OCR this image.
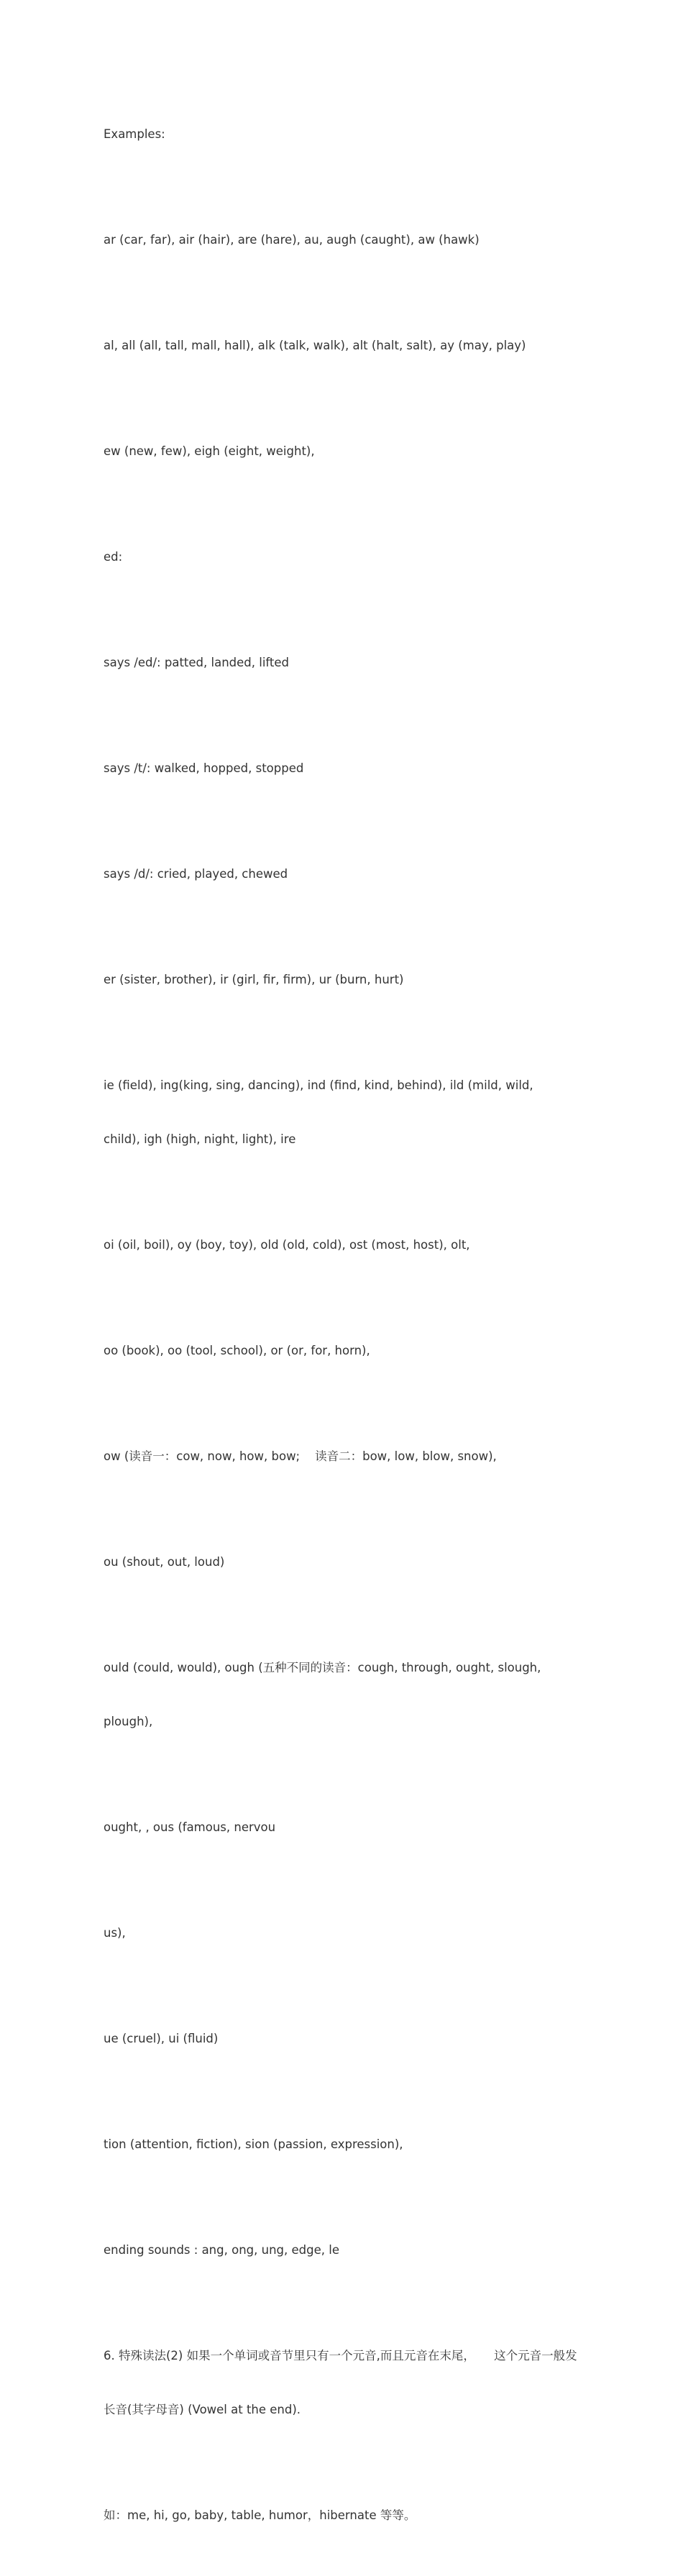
Examples:

ar (car, far), air (hair), are (hare), au, augh (caught), aw (hawk)

al, all (all, tall, mall, hall), alk (talk, walk), alt (halt, salt), ay (may, play)

ew (new, few), eigh (eight, weight),

ed:

says /ed/: patted, landed, lifted

says /t/: walked, hopped, stopped

says /d/: cried, played, chewed

er (sister, brother), ir (girl, fir, firm), ur (burn, hurt)

ie (field), ing(king, sing, dancing), ind (find, kind, behind), ild (mild, wild,

child), igh (high, night, light), ire

oi (oil, boil), oy (boy, toy), old (old, cold), ost (most, host), olt,

oo (book), oo (tool, school), or (or, for, horn),

ow (读音一：cow, now, how, bow;    读音二：bow, low, blow, snow),

ou (shout, out, loud)

ould (could, would), ough (五种不同的读音：cough, through, ought, slough,

plough),

ought, , ous (famous, nervou

us),

ue (cruel), ui (fluid)

tion (attention, fiction), sion (passion, expression),

ending sounds : ang, ong, ung, edge, le

6. 特殊读法(2) 如果一个单词或音节里只有一个元音,而且元音在末尾，     这个元音一般发

长音(其字母音) (Vowel at the end).

如：me, hi, go, baby, table, humor，hibernate 等等。
